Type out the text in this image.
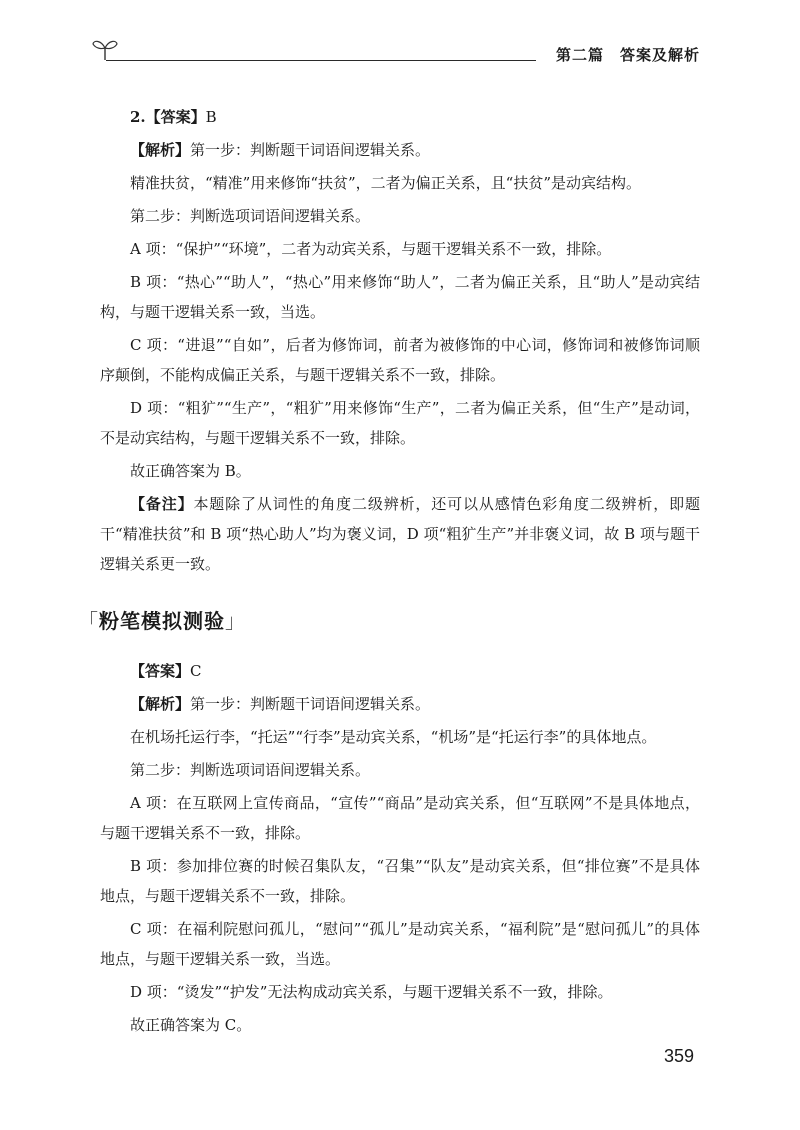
第二篇　答案及解析

2.【答案】B

【解析】第一步：判断题干词语间逻辑关系。

精准扶贫，“精准”用来修饰“扶贫”，二者为偏正关系，且“扶贫”是动宾结构。

第二步：判断选项词语间逻辑关系。

A 项：“保护”“环境”，二者为动宾关系，与题干逻辑关系不一致，排除。

B 项：“热心”“助人”，“热心”用来修饰“助人”，二者为偏正关系，且“助人”是动宾结构，与题干逻辑关系一致，当选。

C 项：“进退”“自如”，后者为修饰词，前者为被修饰的中心词，修饰词和被修饰词顺序颠倒，不能构成偏正关系，与题干逻辑关系不一致，排除。

D 项：“粗犷”“生产”，“粗犷”用来修饰“生产”，二者为偏正关系，但“生产”是动词，不是动宾结构，与题干逻辑关系不一致，排除。

故正确答案为 B。

【备注】本题除了从词性的角度二级辨析，还可以从感情色彩角度二级辨析，即题干“精准扶贫”和 B 项“热心助人”均为褒义词，D 项“粗犷生产”并非褒义词，故 B 项与题干逻辑关系更一致。

「粉笔模拟测验」

【答案】C

【解析】第一步：判断题干词语间逻辑关系。

在机场托运行李，“托运”“行李”是动宾关系，“机场”是“托运行李”的具体地点。

第二步：判断选项词语间逻辑关系。

A 项：在互联网上宣传商品，“宣传”“商品”是动宾关系，但“互联网”不是具体地点，与题干逻辑关系不一致，排除。

B 项：参加排位赛的时候召集队友，“召集”“队友”是动宾关系，但“排位赛”不是具体地点，与题干逻辑关系不一致，排除。

C 项：在福利院慰问孤儿，“慰问”“孤儿”是动宾关系，“福利院”是“慰问孤儿”的具体地点，与题干逻辑关系一致，当选。

D 项：“烫发”“护发”无法构成动宾关系，与题干逻辑关系不一致，排除。

故正确答案为 C。

359
